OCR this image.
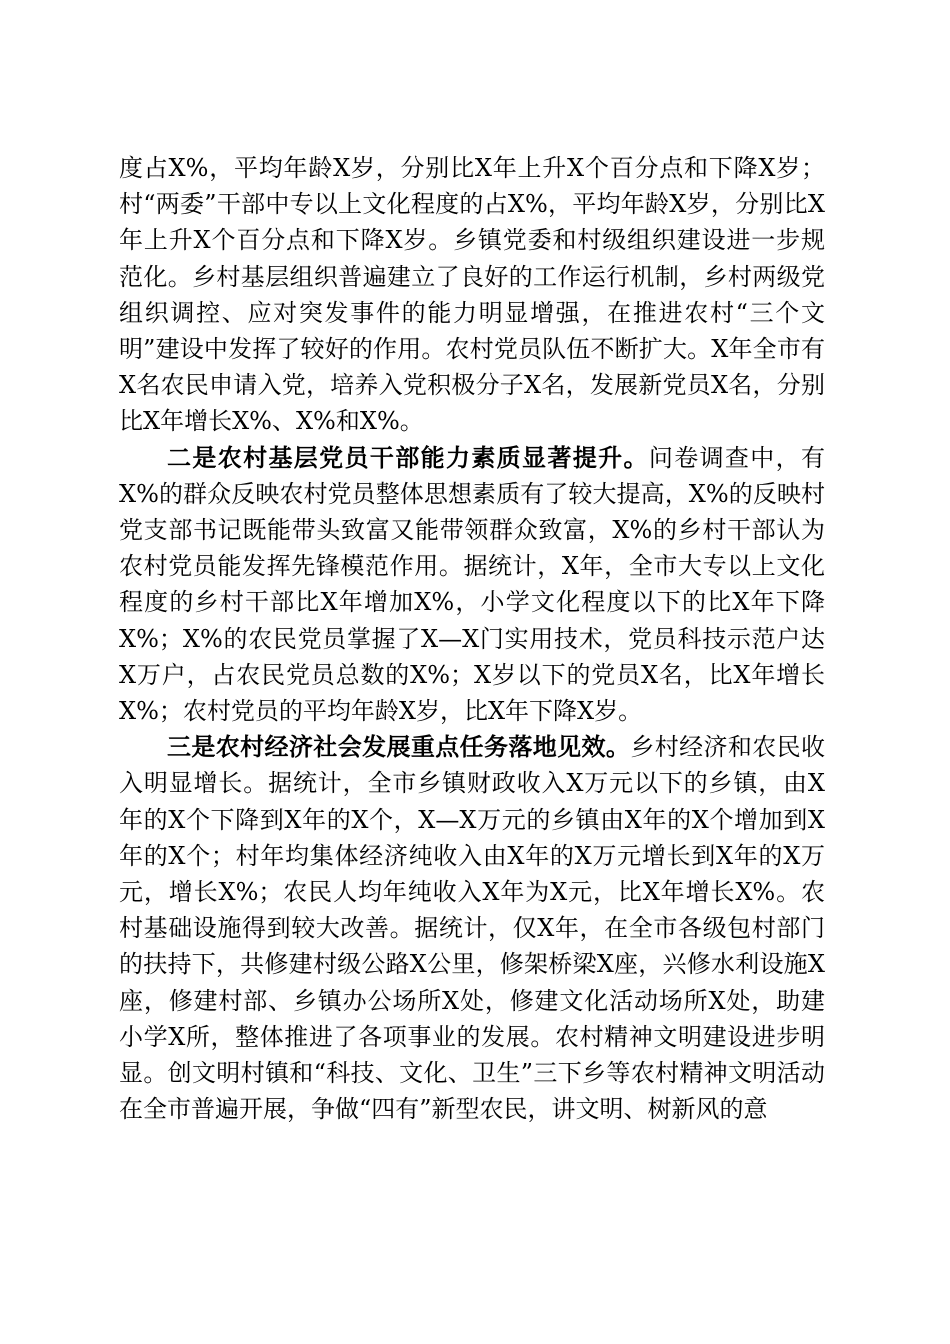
度占X%，平均年龄X岁，分别比X年上升X个百分点和下降X岁；村“两委”干部中专以上文化程度的占X%，平均年龄X岁，分别比X年上升X个百分点和下降X岁。乡镇党委和村级组织建设进一步规范化。乡村基层组织普遍建立了良好的工作运行机制，乡村两级党组织调控、应对突发事件的能力明显增强，在推进农村“三个文明”建设中发挥了较好的作用。农村党员队伍不断扩大。X年全市有X名农民申请入党，培养入党积极分子X名，发展新党员X名，分别比X年增长X%、X%和X%。

二是农村基层党员干部能力素质显著提升。问卷调查中，有X%的群众反映农村党员整体思想素质有了较大提高，X%的反映村党支部书记既能带头致富又能带领群众致富，X%的乡村干部认为农村党员能发挥先锋模范作用。据统计，X年，全市大专以上文化程度的乡村干部比X年增加X%，小学文化程度以下的比X年下降X%；X%的农民党员掌握了X—X门实用技术，党员科技示范户达X万户，占农民党员总数的X%；X岁以下的党员X名，比X年增长X%；农村党员的平均年龄X岁，比X年下降X岁。

三是农村经济社会发展重点任务落地见效。乡村经济和农民收入明显增长。据统计，全市乡镇财政收入X万元以下的乡镇，由X年的X个下降到X年的X个，X—X万元的乡镇由X年的X个增加到X年的X个；村年均集体经济纯收入由X年的X万元增长到X年的X万元，增长X%；农民人均年纯收入X年为X元，比X年增长X%。农村基础设施得到较大改善。据统计，仅X年，在全市各级包村部门的扶持下，共修建村级公路X公里，修架桥梁X座，兴修水利设施X座，修建村部、乡镇办公场所X处，修建文化活动场所X处，助建小学X所，整体推进了各项事业的发展。农村精神文明建设进步明显。创文明村镇和“科技、文化、卫生”三下乡等农村精神文明活动在全市普遍开展，争做“四有”新型农民，讲文明、树新风的意
